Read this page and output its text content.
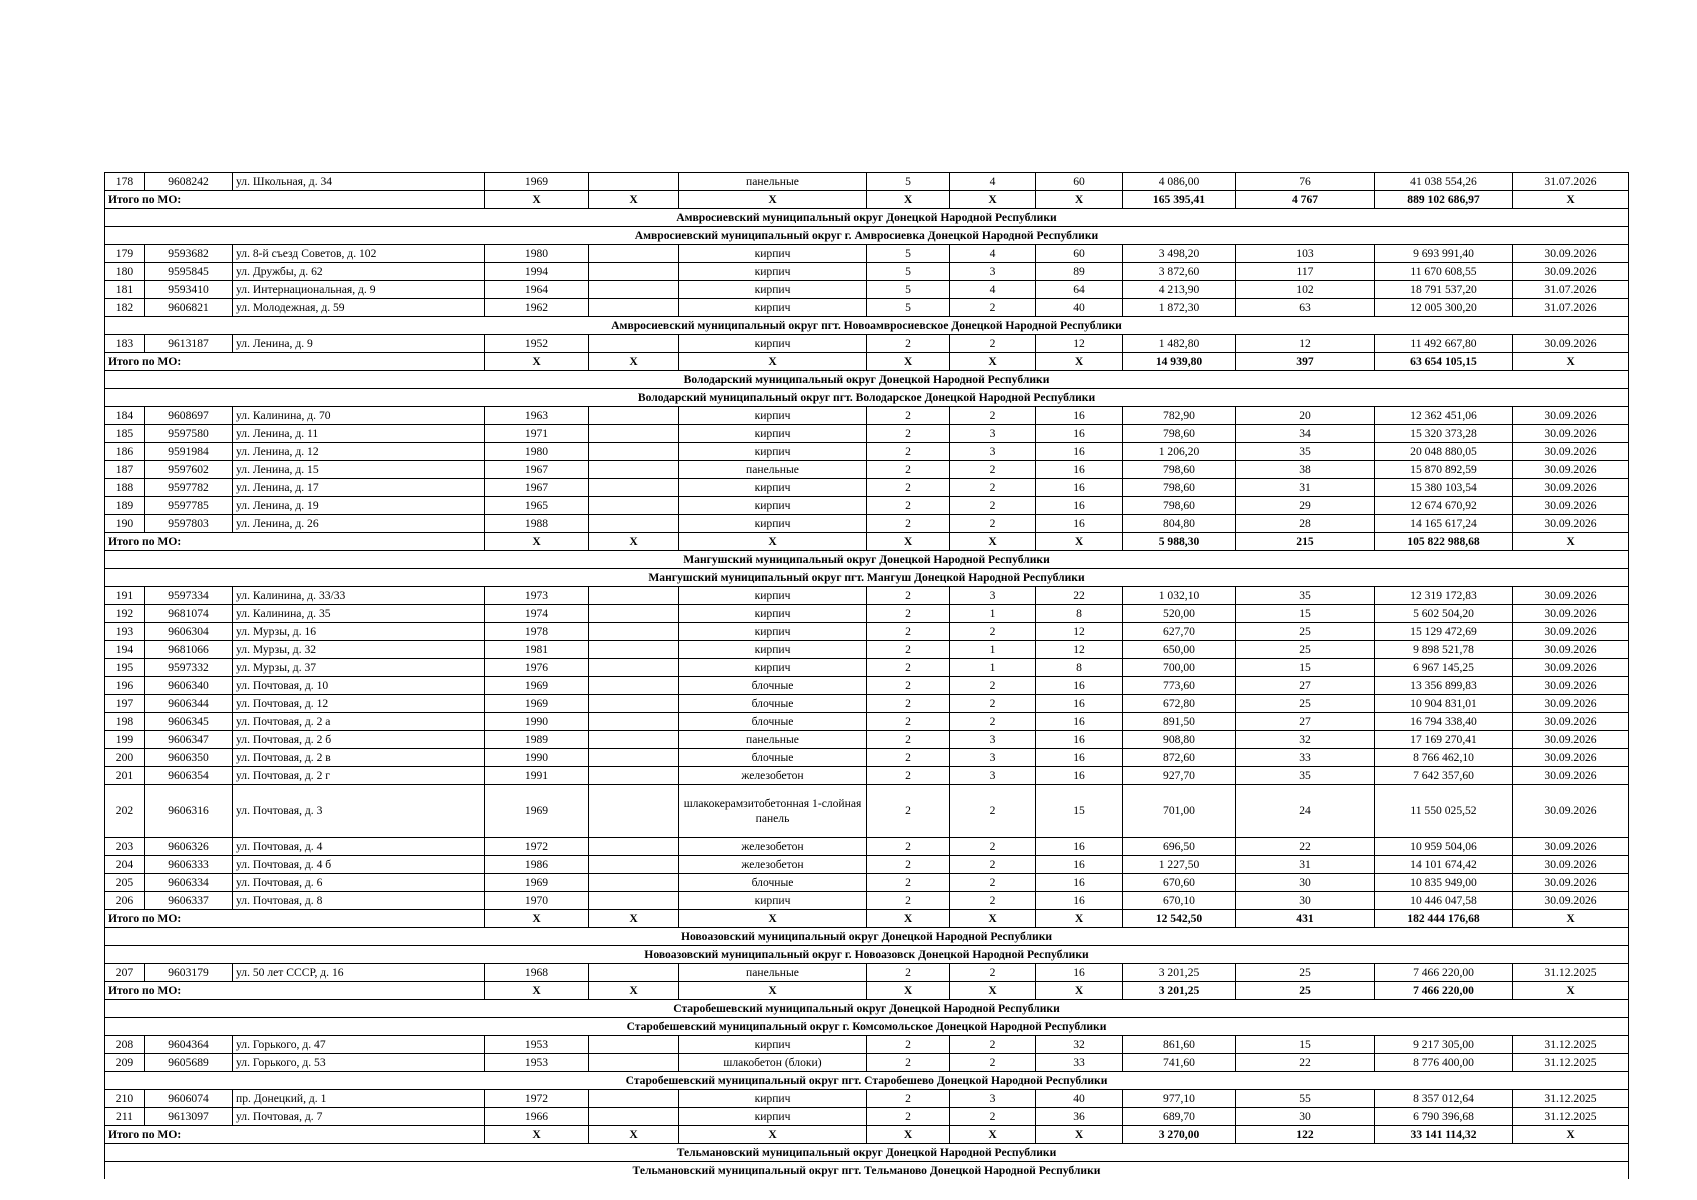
178	9608242	ул. Школьная, д. 34	1969		панельные	5	4	60	4 086,00	76	41 038 554,26	31.07.2026
Итого по МО:			X	X	X	X	X	X	165 395,41	4 767	889 102 686,97	X
Амвросиевский муниципальный округ Донецкой Народной Республики												
Амвросиевский муниципальный округ г. Амвросиевка Донецкой Народной Республики												
179	9593682	ул. 8-й съезд Советов, д. 102	1980		кирпич	5	4	60	3 498,20	103	9 693 991,40	30.09.2026
180	9595845	ул. Дружбы, д. 62	1994		кирпич	5	3	89	3 872,60	117	11 670 608,55	30.09.2026
181	9593410	ул. Интернациональная, д. 9	1964		кирпич	5	4	64	4 213,90	102	18 791 537,20	31.07.2026
182	9606821	ул. Молодежная, д. 59	1962		кирпич	5	2	40	1 872,30	63	12 005 300,20	31.07.2026
Амвросиевский муниципальный округ пгт. Новоамвросиевское Донецкой Народной Республики												
183	9613187	ул. Ленина, д. 9	1952		кирпич	2	2	12	1 482,80	12	11 492 667,80	30.09.2026
Итого по МО:			X	X	X	X	X	X	14 939,80	397	63 654 105,15	X
Володарский муниципальный округ Донецкой Народной Республики												
Володарский муниципальный округ пгт. Володарское Донецкой Народной Республики												
184	9608697	ул. Калинина, д. 70	1963		кирпич	2	2	16	782,90	20	12 362 451,06	30.09.2026
185	9597580	ул. Ленина, д. 11	1971		кирпич	2	3	16	798,60	34	15 320 373,28	30.09.2026
186	9591984	ул. Ленина, д. 12	1980		кирпич	2	3	16	1 206,20	35	20 048 880,05	30.09.2026
187	9597602	ул. Ленина, д. 15	1967		панельные	2	2	16	798,60	38	15 870 892,59	30.09.2026
188	9597782	ул. Ленина, д. 17	1967		кирпич	2	2	16	798,60	31	15 380 103,54	30.09.2026
189	9597785	ул. Ленина, д. 19	1965		кирпич	2	2	16	798,60	29	12 674 670,92	30.09.2026
190	9597803	ул. Ленина, д. 26	1988		кирпич	2	2	16	804,80	28	14 165 617,24	30.09.2026
Итого по МО:			X	X	X	X	X	X	5 988,30	215	105 822 988,68	X
Мангушский муниципальный округ Донецкой Народной Республики												
Мангушский муниципальный округ пгт. Мангуш Донецкой Народной Республики												
191	9597334	ул. Калинина, д. 33/33	1973		кирпич	2	3	22	1 032,10	35	12 319 172,83	30.09.2026
192	9681074	ул. Калинина, д. 35	1974		кирпич	2	1	8	520,00	15	5 602 504,20	30.09.2026
193	9606304	ул. Мурзы, д. 16	1978		кирпич	2	2	12	627,70	25	15 129 472,69	30.09.2026
194	9681066	ул. Мурзы, д. 32	1981		кирпич	2	1	12	650,00	25	9 898 521,78	30.09.2026
195	9597332	ул. Мурзы, д. 37	1976		кирпич	2	1	8	700,00	15	6 967 145,25	30.09.2026
196	9606340	ул. Почтовая, д. 10	1969		блочные	2	2	16	773,60	27	13 356 899,83	30.09.2026
197	9606344	ул. Почтовая, д. 12	1969		блочные	2	2	16	672,80	25	10 904 831,01	30.09.2026
198	9606345	ул. Почтовая, д. 2 а	1990		блочные	2	2	16	891,50	27	16 794 338,40	30.09.2026
199	9606347	ул. Почтовая, д. 2 б	1989		панельные	2	3	16	908,80	32	17 169 270,41	30.09.2026
200	9606350	ул. Почтовая, д. 2 в	1990		блочные	2	3	16	872,60	33	8 766 462,10	30.09.2026
201	9606354	ул. Почтовая, д. 2 г	1991		железобетон	2	3	16	927,70	35	7 642 357,60	30.09.2026
202	9606316	ул. Почтовая, д. 3	1969		шлакокерамзитобетонная 1-слойная панель	2	2	15	701,00	24	11 550 025,52	30.09.2026
203	9606326	ул. Почтовая, д. 4	1972		железобетон	2	2	16	696,50	22	10 959 504,06	30.09.2026
204	9606333	ул. Почтовая, д. 4 б	1986		железобетон	2	2	16	1 227,50	31	14 101 674,42	30.09.2026
205	9606334	ул. Почтовая, д. 6	1969		блочные	2	2	16	670,60	30	10 835 949,00	30.09.2026
206	9606337	ул. Почтовая, д. 8	1970		кирпич	2	2	16	670,10	30	10 446 047,58	30.09.2026
Итого по МО:			X	X	X	X	X	X	12 542,50	431	182 444 176,68	X
Новоазовский муниципальный округ Донецкой Народной Республики												
Новоазовский муниципальный округ г. Новоазовск Донецкой Народной Республики												
207	9603179	ул. 50 лет СССР, д. 16	1968		панельные	2	2	16	3 201,25	25	7 466 220,00	31.12.2025
Итого по МО:			X	X	X	X	X	X	3 201,25	25	7 466 220,00	X
Старобешевский муниципальный округ Донецкой Народной Республики												
Старобешевский муниципальный округ г. Комсомольское Донецкой Народной Республики												
208	9604364	ул. Горького, д. 47	1953		кирпич	2	2	32	861,60	15	9 217 305,00	31.12.2025
209	9605689	ул. Горького, д. 53	1953		шлакобетон (блоки)	2	2	33	741,60	22	8 776 400,00	31.12.2025
Старобешевский муниципальный округ пгт. Старобешево Донецкой Народной Республики												
210	9606074	пр. Донецкий, д. 1	1972		кирпич	2	3	40	977,10	55	8 357 012,64	31.12.2025
211	9613097	ул. Почтовая, д. 7	1966		кирпич	2	2	36	689,70	30	6 790 396,68	31.12.2025
Итого по МО:			X	X	X	X	X	X	3 270,00	122	33 141 114,32	X
Тельмановский муниципальный округ Донецкой Народной Республики												
Тельмановский муниципальный округ пгт. Тельманово Донецкой Народной Республики												
